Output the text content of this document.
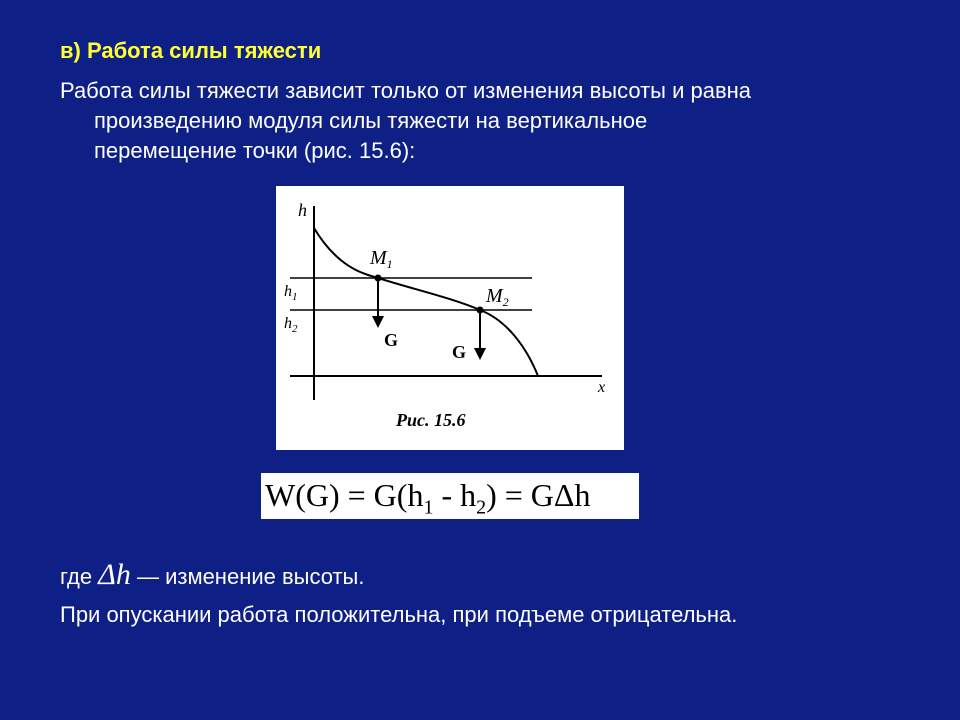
в) Работа силы тяжести
Работа силы тяжести зависит только от изменения высоты и равна
произведению модуля силы тяжести на вертикальное
перемещение точки (рис. 15.6):
h
x
$h_1$
$h_2$
$M_1$
$M_2$
G
G
Рис. 15.6
$W(G) = G(h_1 - h_2) = G\Delta h$
где Δh — изменение высоты.
При опускании работа положительна, при подъеме отрицательна.
